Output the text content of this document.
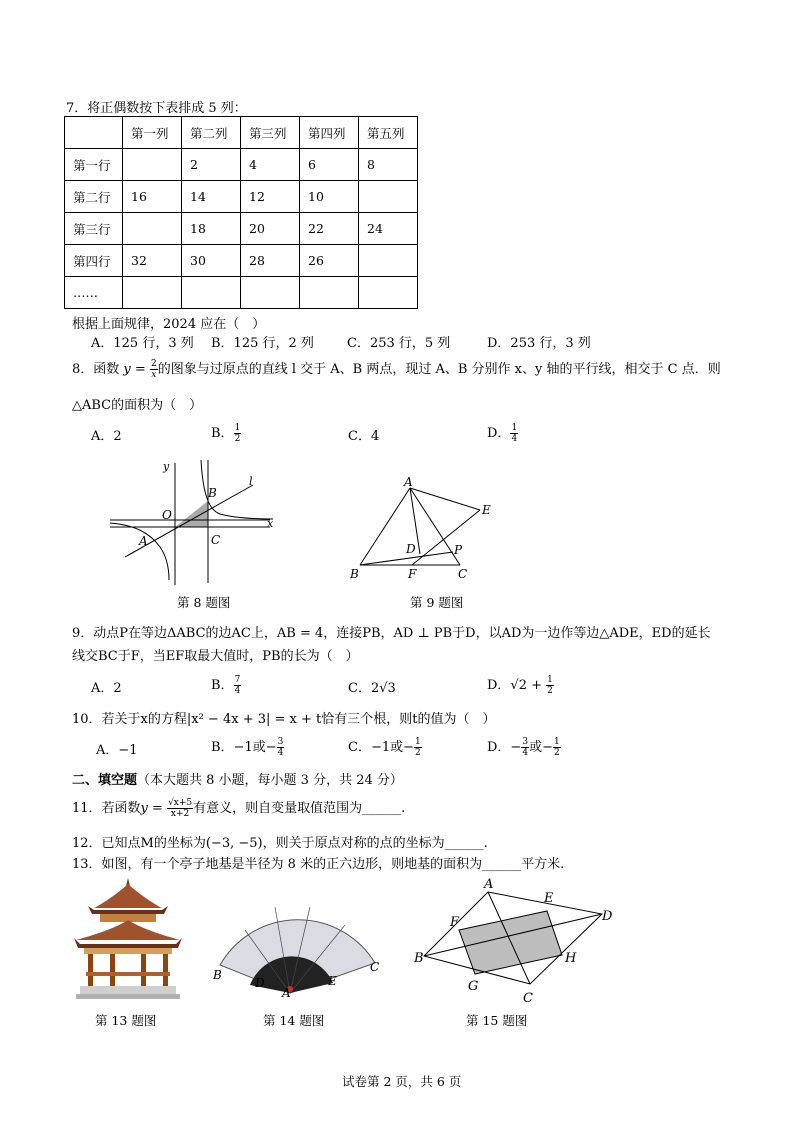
7．将正偶数按下表排成 5 列：
	第一列	第二列	第三列	第四列	第五列
第一行		2	4	6	8
第二行	16	14	12	10	
第三行		18	20	22	24
第四行	32	30	28	26	
……					
根据上面规律，2024 应在（　）
A．125 行，3 列 B．125 行，2 列	C．253 行，5 列	D．253 行，3 列
8．函数 $y = \frac{2}{x}$ 的图象与过原点的直线 l 交于 A、B 两点，现过 A、B 分别作 x、y 轴的平行线，相交于 C 点．则
△ABC的面积为（　）
A．2	B． $\frac{1}{2}$	C．4	D． $\frac{1}{4}$
y
x
l
O
A
B
C
第 8 题图
A
E
D	P
B	F	C
第 9 题图
9．动点P在等边ΔABC的边AC上，AB = 4，连接PB，AD ⊥ PB于D，以AD为一边作等边△ADE，ED的延长
线交BC于F，当EF取最大值时，PB的长为（　）
A．2	B． $\frac{7}{4}$	C．2√3	D．$√2 + \frac{1}{2}$
10．若关于x的方程|x² − 4x + 3| = x + t恰有三个根，则t的值为（　）
A．−1	B．−1或− $\frac{3}{4}$	C．−1或− $\frac{1}{2}$	D．− $\frac{3}{4}$ 或− $\frac{1}{2}$
二、填空题（本大题共 8 小题，每小题 3 分，共 24 分）
11．若函数$y = \frac{√x+5}{x+2}$ 有意义，则自变量取值范围为______.
12．已知点M的坐标为(−3, −5)，则关于原点对称的点的坐标为______.
13．如图，有一个亭子地基是半径为 8 米的正六边形，则地基的面积为______平方米.
第 13 题图
B
D
A
E
C
第 14 题图
A
E
D
F
B	H
G
C
第 15 题图
试卷第 2 页，共 6 页
